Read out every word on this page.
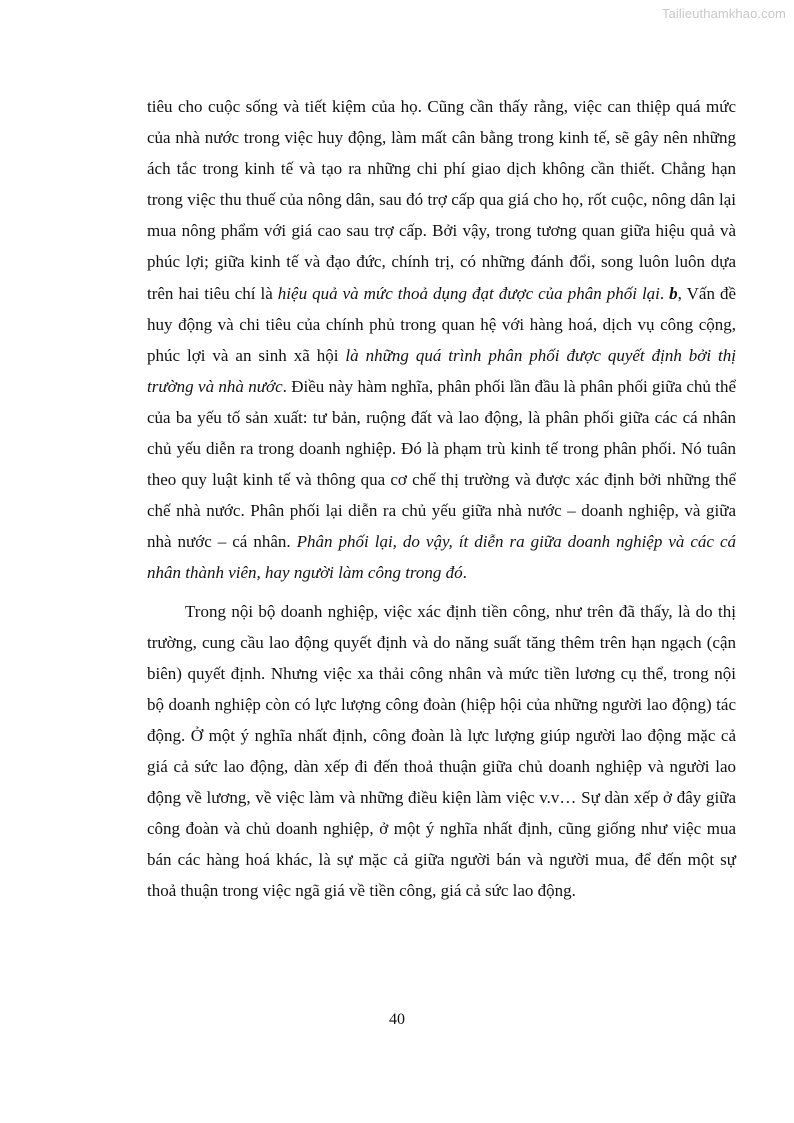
Tailieuthamkhao.com

tiêu cho cuộc sống và tiết kiệm của họ. Cũng cần thấy rằng, việc can thiệp quá mức của nhà nước trong việc huy động, làm mất cân bằng trong kinh tế, sẽ gây nên những ách tắc trong kinh tế và tạo ra những chi phí giao dịch không cần thiết. Chẳng hạn trong việc thu thuế của nông dân, sau đó trợ cấp qua giá cho họ, rốt cuộc, nông dân lại mua nông phẩm với giá cao sau trợ cấp. Bởi vậy, trong tương quan giữa hiệu quả và phúc lợi; giữa kinh tế và đạo đức, chính trị, có những đánh đổi, song luôn luôn dựa trên hai tiêu chí là hiệu quả và mức thoả dụng đạt được của phân phối lại. b, Vấn đề huy động và chi tiêu của chính phủ trong quan hệ với hàng hoá, dịch vụ công cộng, phúc lợi và an sinh xã hội là những quá trình phân phối được quyết định bởi thị trường và nhà nước. Điều này hàm nghĩa, phân phối lần đầu là phân phối giữa chủ thể của ba yếu tố sản xuất: tư bản, ruộng đất và lao động, là phân phối giữa các cá nhân chủ yếu diễn ra trong doanh nghiệp. Đó là phạm trù kinh tế trong phân phối. Nó tuân theo quy luật kinh tế và thông qua cơ chế thị trường và được xác định bởi những thể chế nhà nước. Phân phối lại diễn ra chủ yếu giữa nhà nước – doanh nghiệp, và giữa nhà nước – cá nhân. Phân phối lại, do vậy, ít diễn ra giữa doanh nghiệp và các cá nhân thành viên, hay người làm công trong đó.

Trong nội bộ doanh nghiệp, việc xác định tiền công, như trên đã thấy, là do thị trường, cung cầu lao động quyết định và do năng suất tăng thêm trên hạn ngạch (cận biên) quyết định. Nhưng việc xa thải công nhân và mức tiền lương cụ thể, trong nội bộ doanh nghiệp còn có lực lượng công đoàn (hiệp hội của những người lao động) tác động. Ở một ý nghĩa nhất định, công đoàn là lực lượng giúp người lao động mặc cả giá cả sức lao động, dàn xếp đi đến thoả thuận giữa chủ doanh nghiệp và người lao động về lương, về việc làm và những điều kiện làm việc v.v… Sự dàn xếp ở đây giữa công đoàn và chủ doanh nghiệp, ở một ý nghĩa nhất định, cũng giống như việc mua bán các hàng hoá khác, là sự mặc cả giữa người bán và người mua, để đến một sự thoả thuận trong việc ngã giá về tiền công, giá cả sức lao động.

40
